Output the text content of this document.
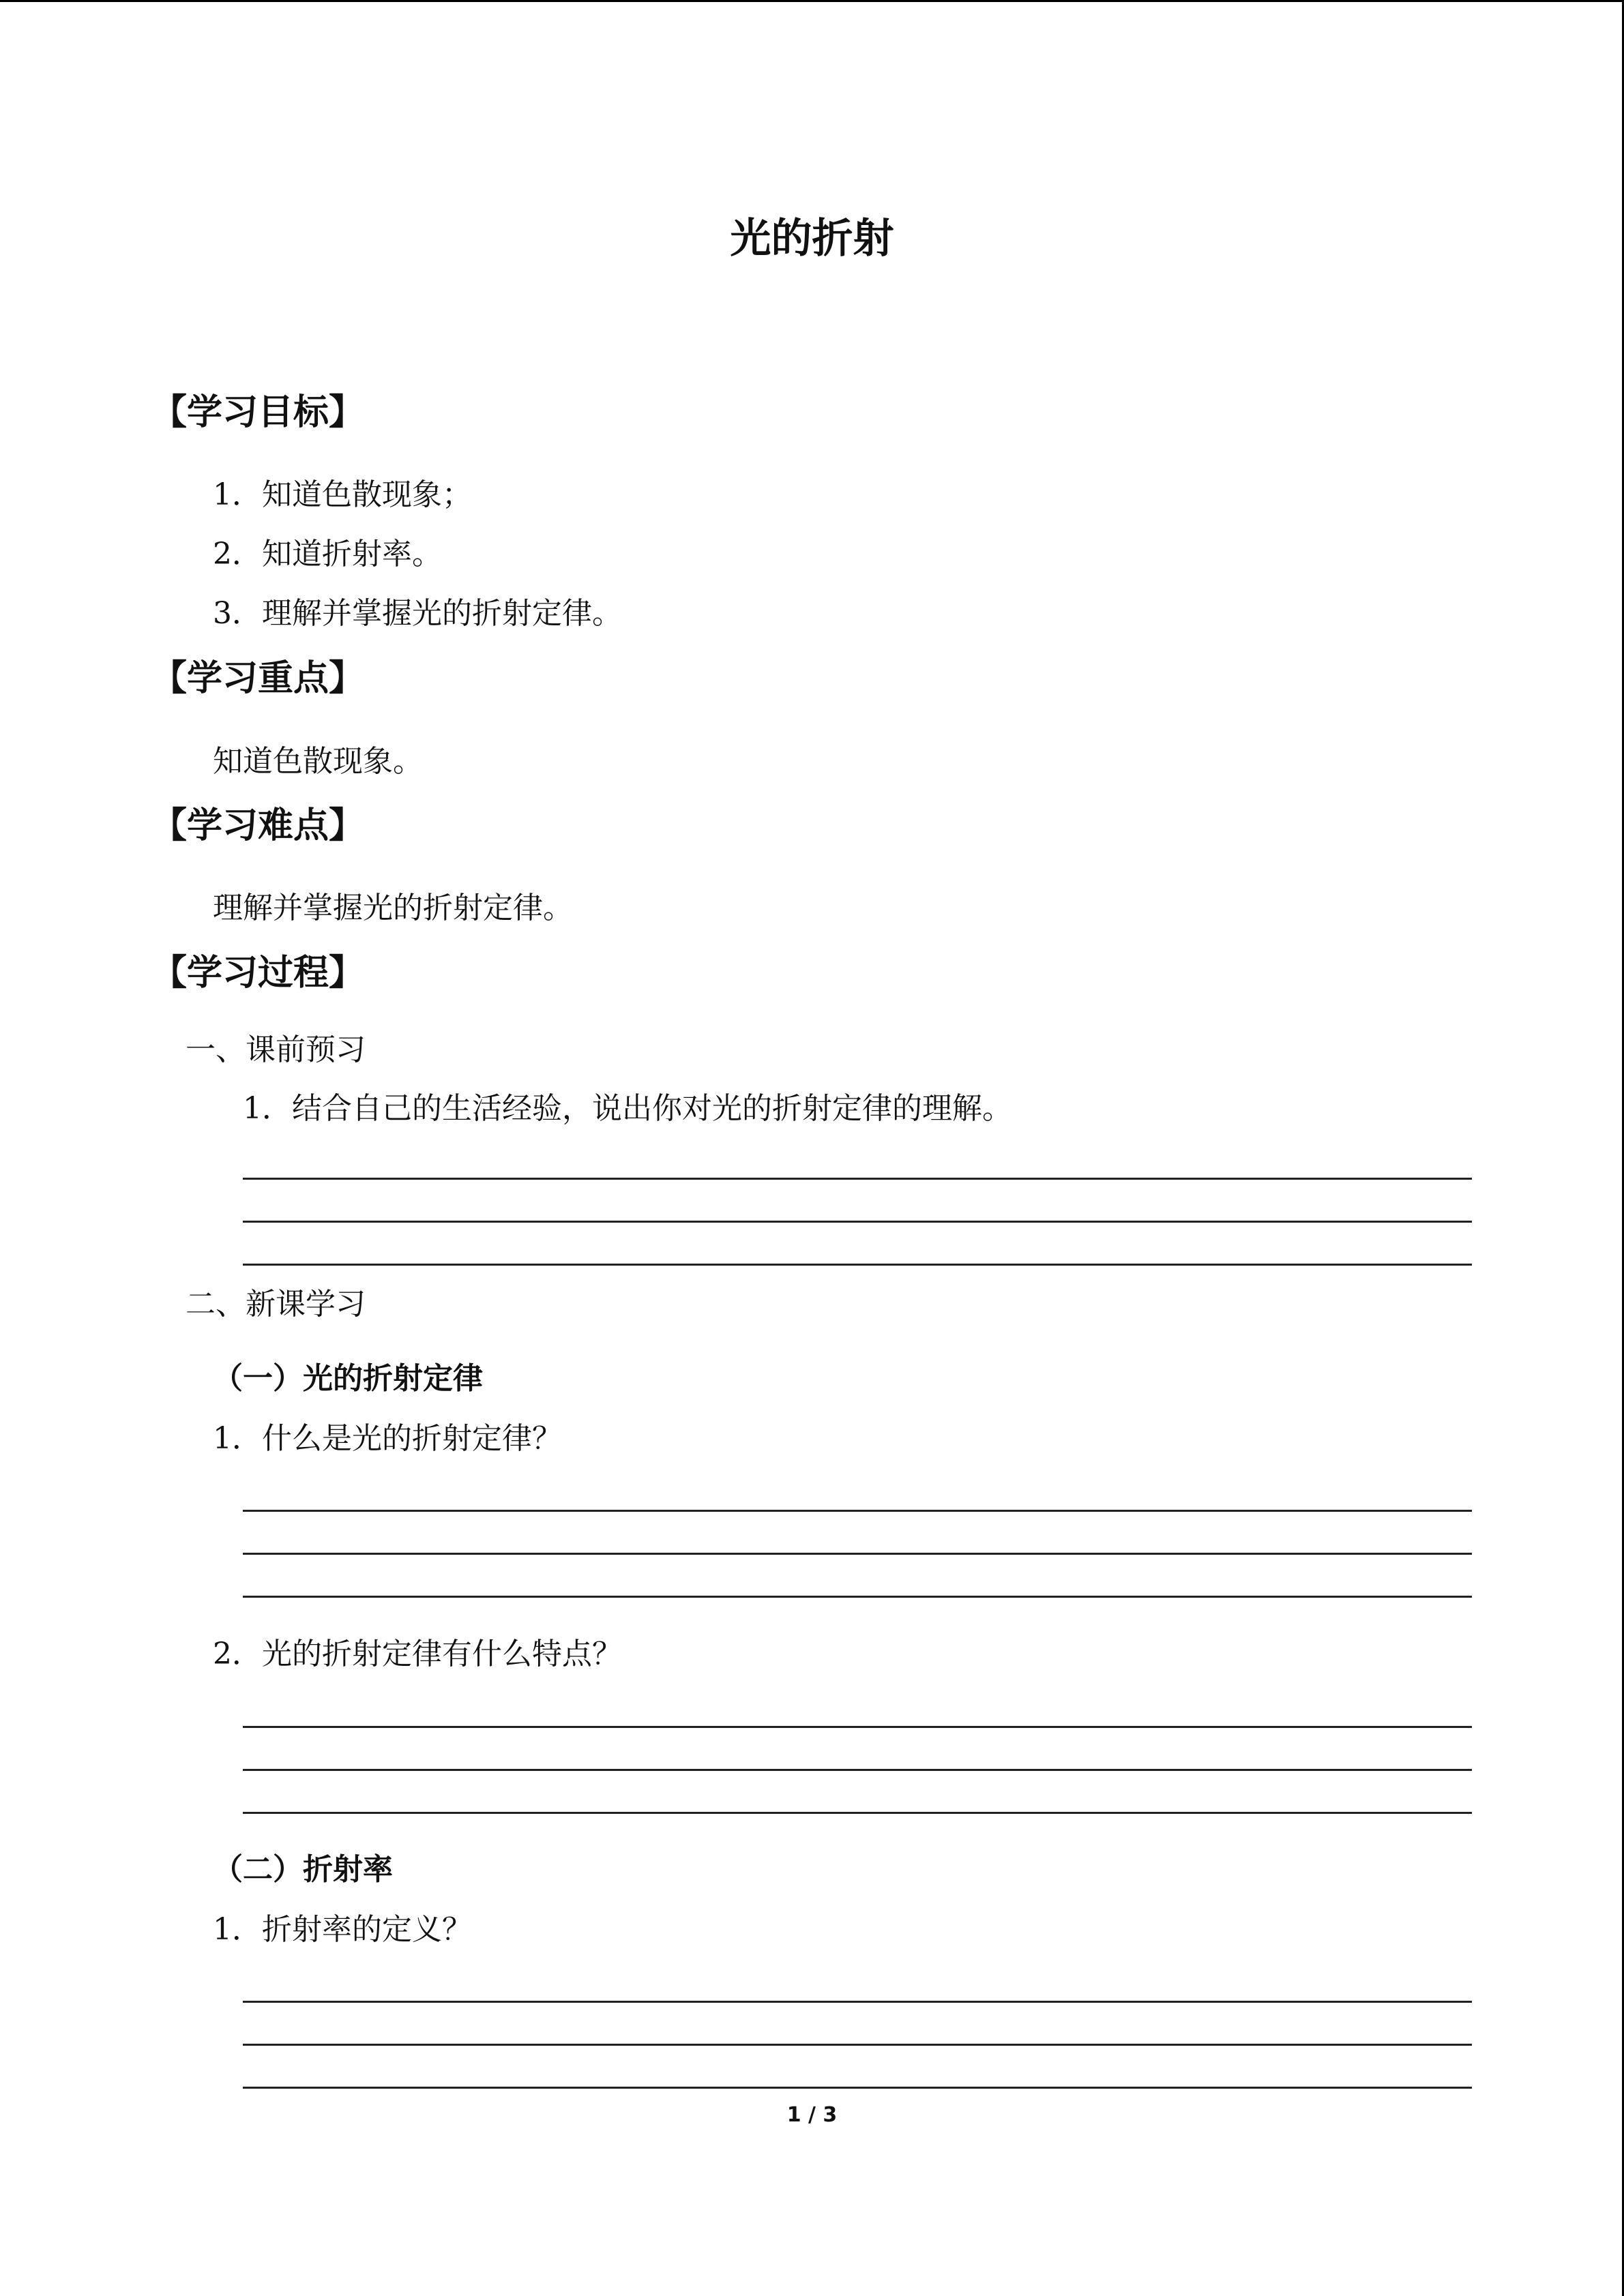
光的折射
【学习目标】
1．知道色散现象；
2．知道折射率。
3．理解并掌握光的折射定律。
【学习重点】
知道色散现象。
【学习难点】
理解并掌握光的折射定律。
【学习过程】
一、课前预习
1．结合自己的生活经验，说出你对光的折射定律的理解。
二、新课学习
（一）光的折射定律
1．什么是光的折射定律？
2．光的折射定律有什么特点？
（二）折射率
1．折射率的定义？
1 / 3
